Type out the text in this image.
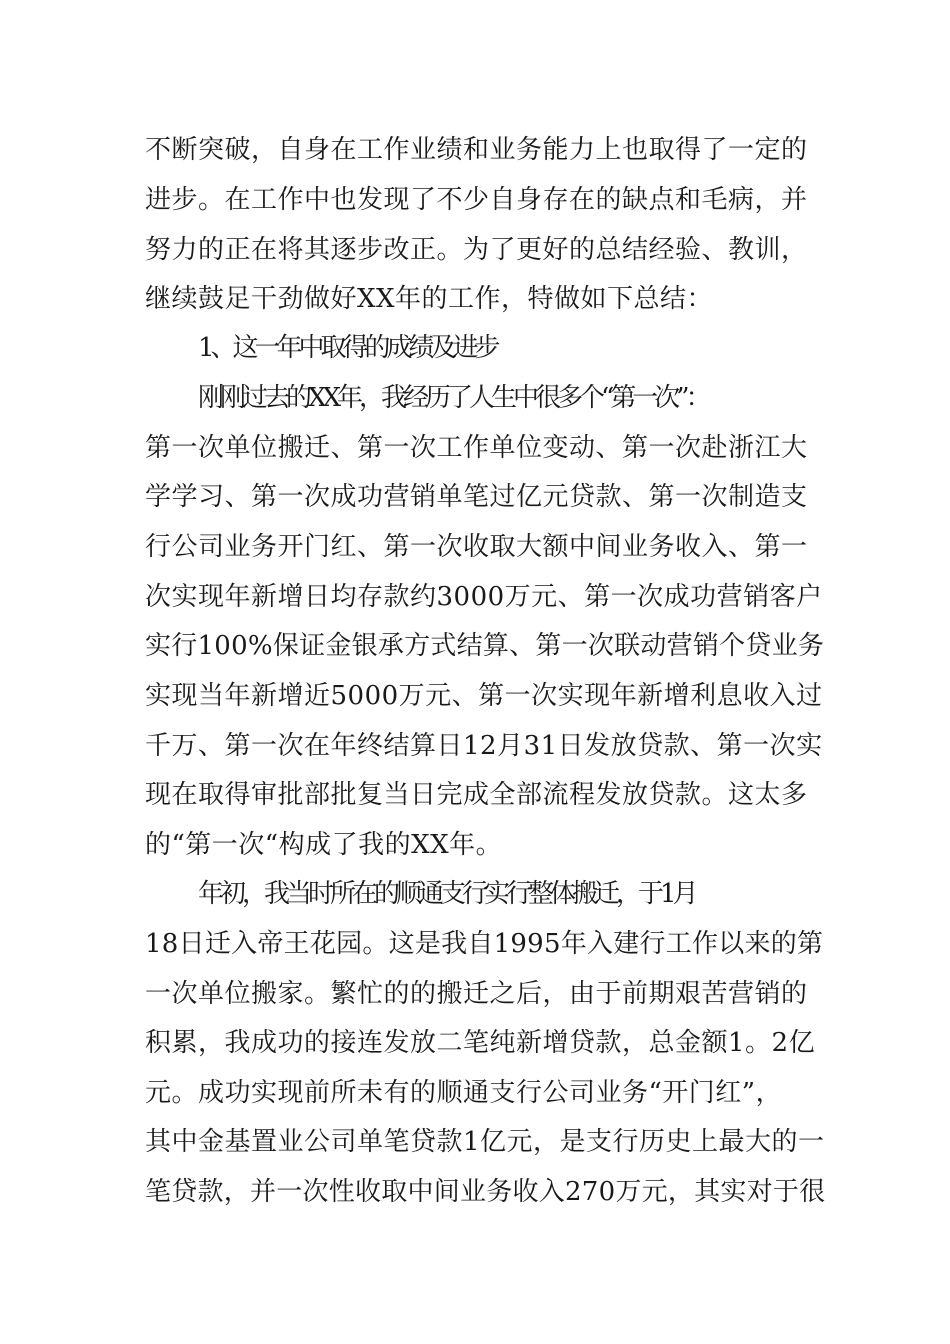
不断突破，自身在工作业绩和业务能力上也取得了一定的
进步。在工作中也发现了不少自身存在的缺点和毛病，并
努力的正在将其逐步改正。为了更好的总结经验、教训，
继续鼓足干劲做好XX年的工作，特做如下总结：
1、这一年中取得的成绩及进步
刚刚过去的XX年，我经历了人生中很多个“第一次”：
第一次单位搬迁、第一次工作单位变动、第一次赴浙江大
学学习、第一次成功营销单笔过亿元贷款、第一次制造支
行公司业务开门红、第一次收取大额中间业务收入、第一
次实现年新增日均存款约3000万元、第一次成功营销客户
实行100%保证金银承方式结算、第一次联动营销个贷业务
实现当年新增近5000万元、第一次实现年新增利息收入过
千万、第一次在年终结算日12月31日发放贷款、第一次实
现在取得审批部批复当日完成全部流程发放贷款。这太多
的“第一次“构成了我的XX年。
年初，我当时所在的顺通支行实行整体搬迁，于1月
18日迁入帝王花园。这是我自1995年入建行工作以来的第
一次单位搬家。繁忙的的搬迁之后，由于前期艰苦营销的
积累，我成功的接连发放二笔纯新增贷款，总金额1。2亿
元。成功实现前所未有的顺通支行公司业务“开门红”，
其中金基置业公司单笔贷款1亿元，是支行历史上最大的一
笔贷款，并一次性收取中间业务收入270万元，其实对于很
